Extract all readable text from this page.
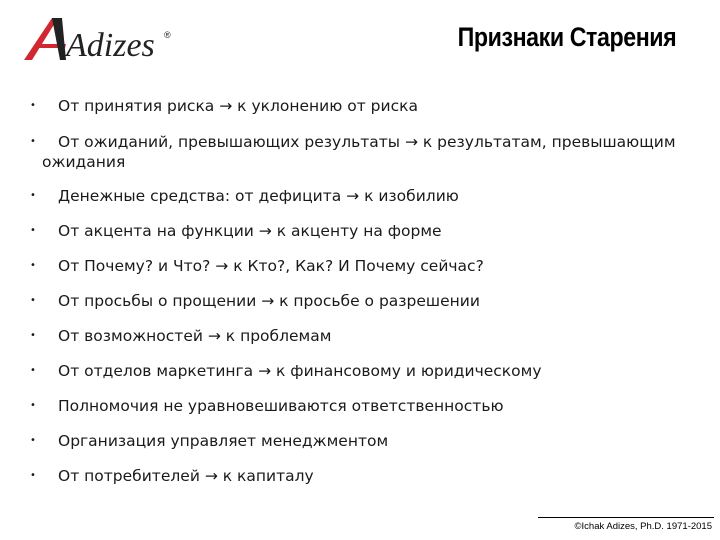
Adizes ®	Признаки Старения
• От принятия риска → к уклонению от риска
• От ожиданий, превышающих результаты → к результатам, превышающим
ожидания
• Денежные средства: от дефицита → к изобилию
• От акцента на функции → к акценту на форме
• От Почему? и Что? → к Кто?, Как? И Почему сейчас?
• От просьбы о прощении → к просьбе о разрешении
• От возможностей → к проблемам
• От отделов маркетинга → к финансовому и юридическому
• Полномочия не уравновешиваются ответственностью
• Организация управляет менеджментом
• От потребителей → к капиталу
©Ichak Adizes, Ph.D. 1971-2015
